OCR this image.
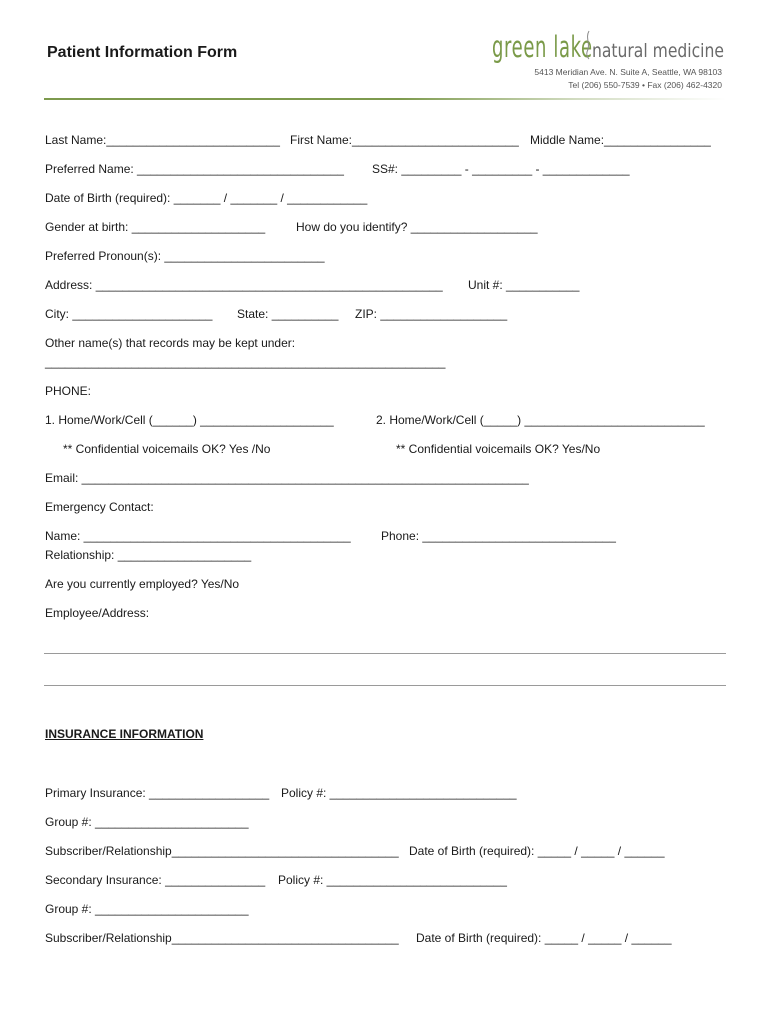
Patient Information Form	green lake natural medicine
5413 Meridian Ave. N. Suite A, Seattle, WA 98103
Tel (206) 550-7539 • Fax (206) 462-4320
Last Name:__________________________ First Name:_________________________ Middle Name:________________
Preferred Name: _______________________________ SS#: _________ - _________ - _____________
Date of Birth (required): _______ / _______ / ____________
Gender at birth: ____________________	How do you identify? ___________________
Preferred Pronoun(s): ________________________
Address: ____________________________________________________ Unit #: ___________
City: _____________________ State: __________ ZIP: ___________________
Other name(s) that records may be kept under:
____________________________________________________________
PHONE:
1. Home/Work/Cell (______) ____________________	2. Home/Work/Cell (_____) ___________________________
** Confidential voicemails OK? Yes /No	** Confidential voicemails OK? Yes/No
Email: ___________________________________________________________________
Emergency Contact:
Name: ________________________________________	Phone: _____________________________
Relationship: ____________________
Are you currently employed? Yes/No
Employee/Address:
INSURANCE INFORMATION
Primary Insurance: __________________ Policy #: ____________________________
Group #: _______________________
Subscriber/Relationship__________________________________ Date of Birth (required): _____ / _____ / ______
Secondary Insurance: _______________ Policy #: ___________________________
Group #: _______________________
Subscriber/Relationship__________________________________ Date of Birth (required): _____ / _____ / ______
